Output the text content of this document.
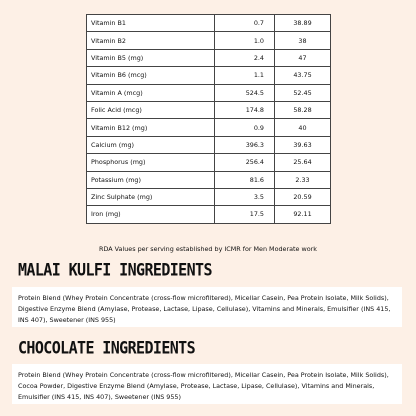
Vitamin B1	0.7	38.89
Vitamin B2	1.0	38
Vitamin B5 (mg)	2.4	47
Vitamin B6 (mcg)	1.1	43.75
Vitamin A (mcg)	524.5	52.45
Folic Acid (mcg)	174.8	58.28
Vitamin B12 (mg)	0.9	40
Calcium (mg)	396.3	39.63
Phosphorus (mg)	256.4	25.64
Potassium (mg)	81.6	2.33
Zinc Sulphate (mg)	3.5	20.59
Iron (mg)	17.5	92.11
RDA Values per serving established by ICMR for Men Moderate work
MALAI KULFI INGREDIENTS
Protein Blend (Whey Protein Concentrate (cross-flow microfiltered), Micellar Casein, Pea Protein Isolate, Milk Solids), Digestive Enzyme Blend (Amylase, Protease, Lactase, Lipase, Cellulase), Vitamins and Minerals, Emulsifier (INS 415, INS 407), Sweetener (INS 955)
CHOCOLATE INGREDIENTS
Protein Blend (Whey Protein Concentrate (cross-flow microfiltered), Micellar Casein, Pea Protein Isolate, Milk Solids), Cocoa Powder, Digestive Enzyme Blend (Amylase, Protease, Lactase, Lipase, Cellulase), Vitamins and Minerals, Emulsifier (INS 415, INS 407), Sweetener (INS 955)
